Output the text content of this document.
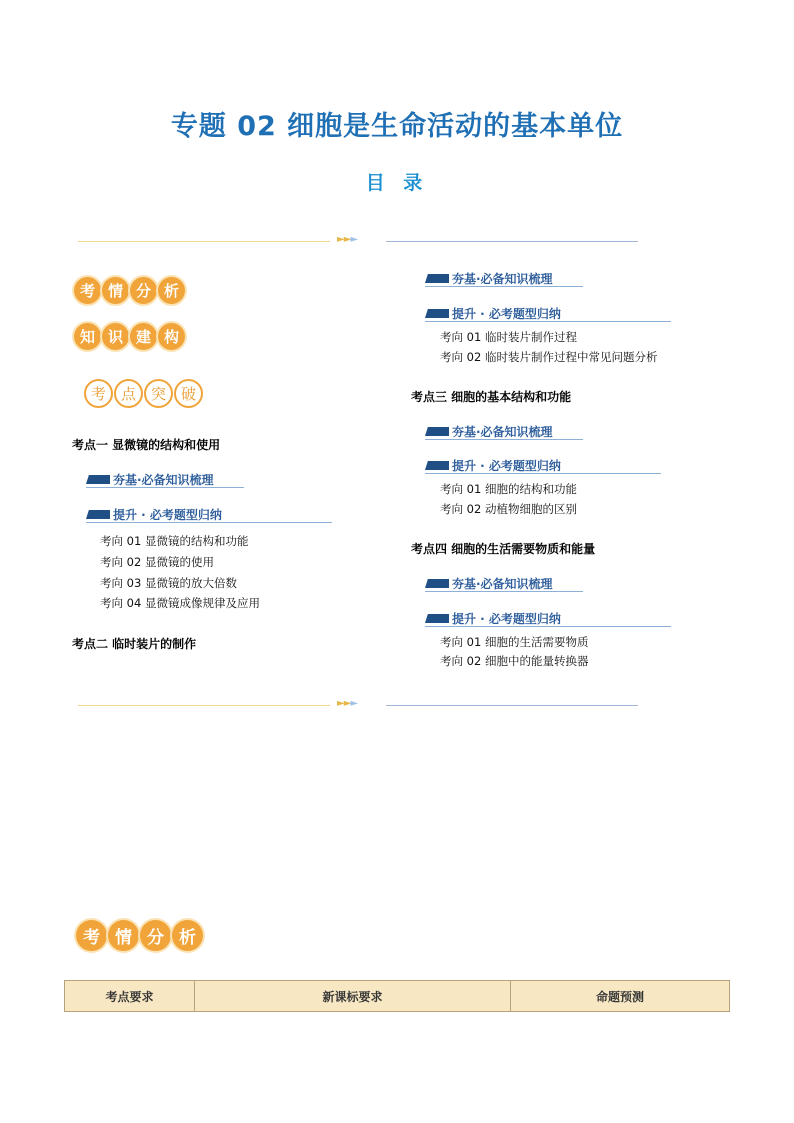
专题 02 细胞是生命活动的基本单位
目 录
►►►
考 情 分 析
知 识 建 构
考 点 突 破
考点一 显微镜的结构和使用
夯基·必备知识梳理
提升 · 必考题型归纳
考向 01 显微镜的结构和功能
考向 02 显微镜的使用
考向 03 显微镜的放大倍数
考向 04 显微镜成像规律及应用
考点二 临时装片的制作
夯基·必备知识梳理
提升 · 必考题型归纳
考向 01 临时装片制作过程
考向 02 临时装片制作过程中常见问题分析
考点三 细胞的基本结构和功能
夯基·必备知识梳理
提升 · 必考题型归纳
考向 01 细胞的结构和功能
考向 02 动植物细胞的区别
考点四 细胞的生活需要物质和能量
夯基·必备知识梳理
提升 · 必考题型归纳
考向 01 细胞的生活需要物质
考向 02 细胞中的能量转换器
►►►
考 情 分 析
考点要求	新课标要求	命题预测
